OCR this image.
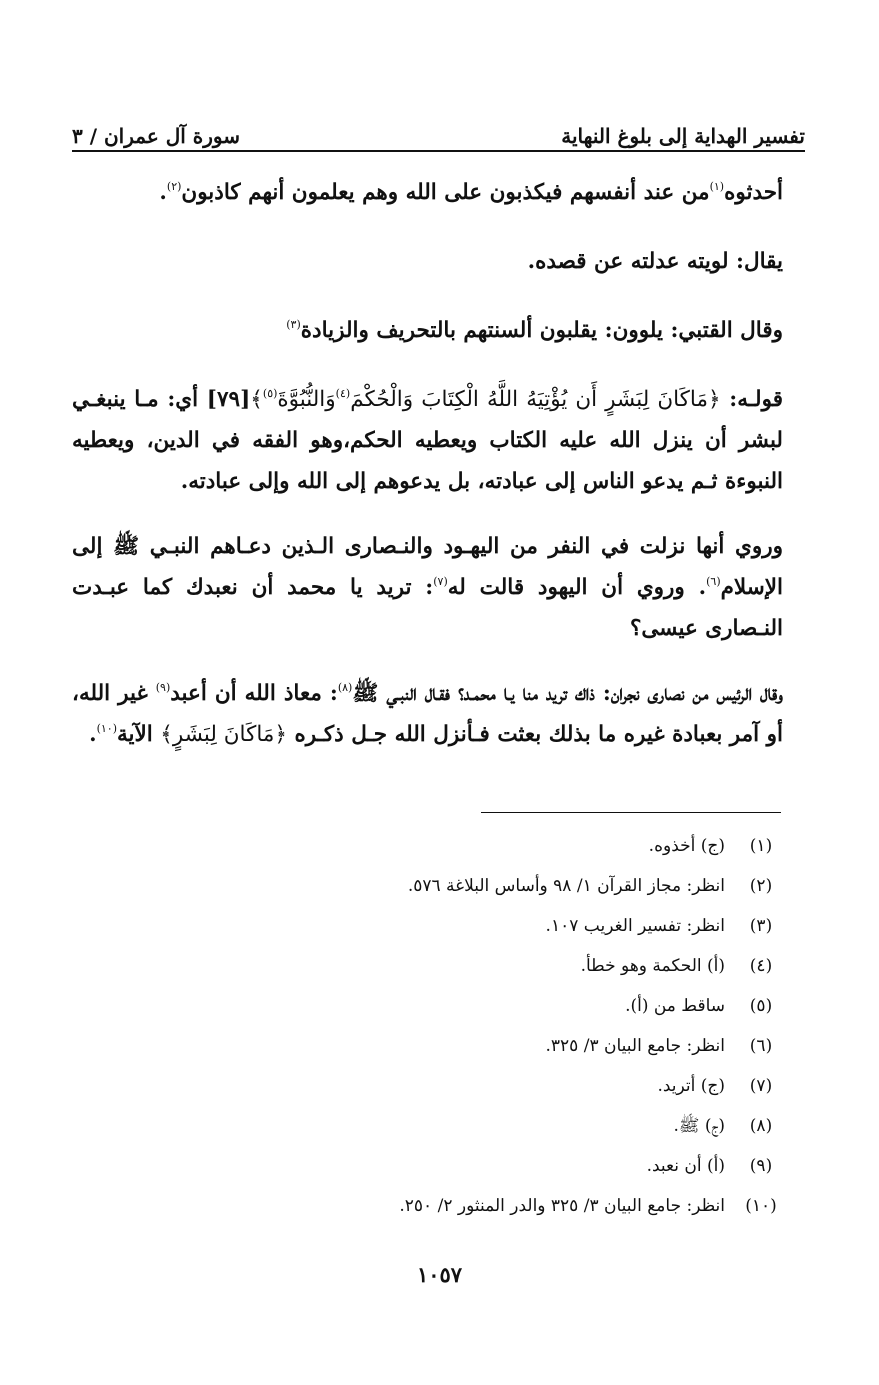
تفسير الهداية إلى بلوغ النهاية
سورة آل عمران / ٣

أحدثوه$^{(١)}$من عند أنفسهم فيكذبون على الله وهم يعلمون أنهم كاذبون$^{(٢)}$.

يقال: لويته عدلته عن قصده.

وقال القتبي: يلوون: يقلبون ألسنتهم بالتحريف والزيادة$^{(٣)}$

قولـه: ﴿مَاكَانَ لِبَشَرٍ أَن يُؤْتِيَهُ اللَّهُ الْكِتَابَ وَالْحُكْمَ$^{(٤)}$وَالنُّبُوَّةَ$^{(٥)}$﴾[٧٩] أي: مـا ينبغـي لبشر أن ينزل الله عليه الكتاب ويعطيه الحكم،وهو الفقه في الدين، ويعطيه النبوءة ثـم يدعو الناس إلى عبادته، بل يدعوهم إلى الله وإلى عبادته.

وروي أنها نزلت في النفر من اليهـود والنـصارى الـذين دعـاهم النبـي ﷺ إلى الإسلام$^{(٦)}$. وروي أن اليهود قالت له$^{(٧)}$: تريد يا محمد أن نعبدك كما عبـدت النـصارى عيسى؟

وقال الرئيس من نصارى نجران: ذاك تريد منا يـا محمـد؟ فقـال النبـي ﷺ$^{(٨)}$: معاذ الله أن أعبد$^{(٩)}$ غير الله، أو آمر بعبادة غيره ما بذلك بعثت فـأنزل الله جـل ذكـره ﴿مَاكَانَ لِبَشَرٍ﴾ الآية$^{(١٠)}$.

(١)
(ج) أخذوه.
(٢)
انظر: مجاز القرآن ١/ ٩٨ وأساس البلاغة ٥٧٦.
(٣)
انظر: تفسير الغريب ١٠٧.
(٤)
(أ) الحكمة وهو خطأ.
(٥)
ساقط من (أ).
(٦)
انظر: جامع البيان ٣/ ٣٢٥.
(٧)
(ج) أتريد.
(٨)
(ج) ﷺ.
(٩)
(أ) أن نعبد.
(١٠)
انظر: جامع البيان ٣/ ٣٢٥ والدر المنثور ٢/ ٢٥٠.
١٠٥٧
